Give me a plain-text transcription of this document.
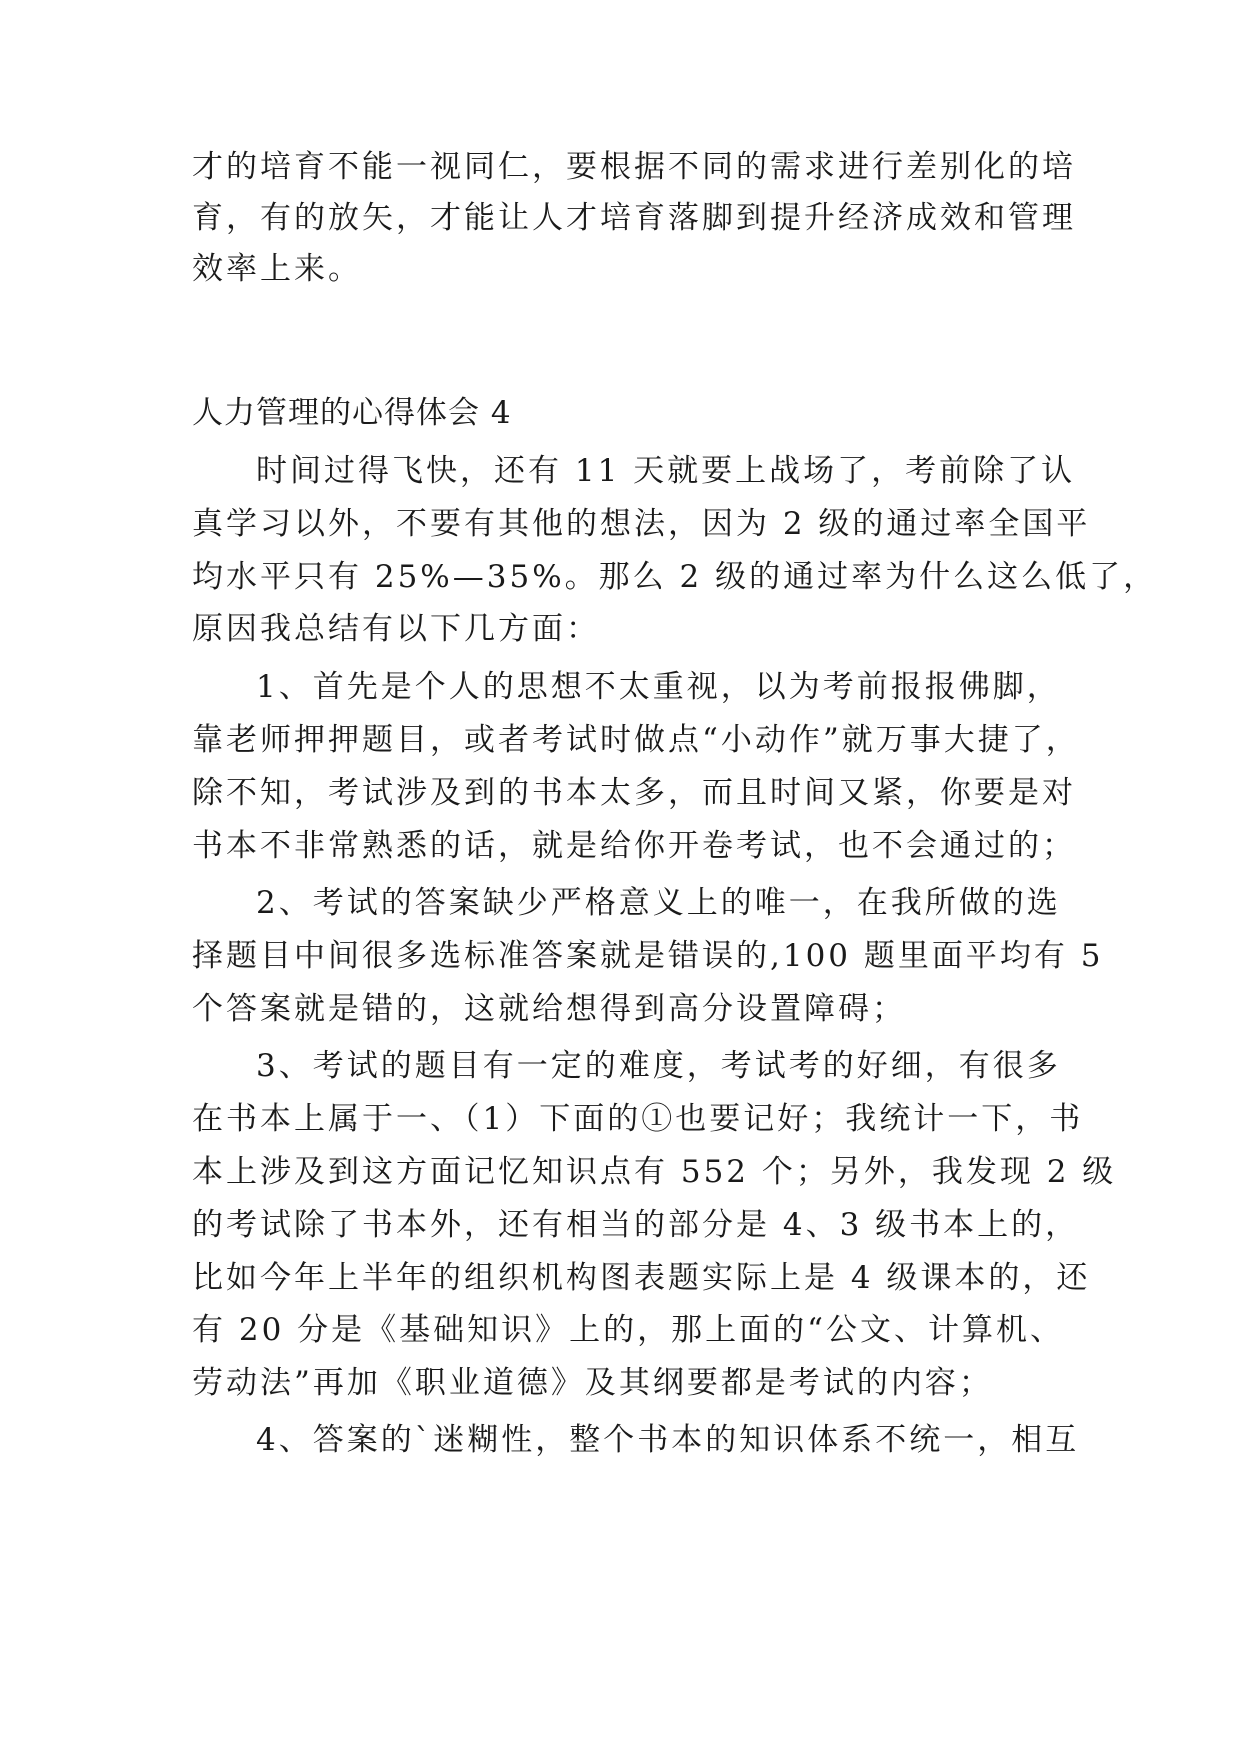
才的培育不能一视同仁，要根据不同的需求进行差别化的培
育，有的放矢，才能让人才培育落脚到提升经济成效和管理
效率上来。
人力管理的心得体会 4
时间过得飞快，还有 11 天就要上战场了，考前除了认
真学习以外，不要有其他的想法，因为 2 级的通过率全国平
均水平只有 25%—35%。那么 2 级的通过率为什么这么低了，
原因我总结有以下几方面：
1、首先是个人的思想不太重视，以为考前报报佛脚，
靠老师押押题目，或者考试时做点“小动作”就万事大捷了，
除不知，考试涉及到的书本太多，而且时间又紧，你要是对
书本不非常熟悉的话，就是给你开卷考试，也不会通过的；
2、考试的答案缺少严格意义上的唯一，在我所做的选
择题目中间很多选标准答案就是错误的,100 题里面平均有 5
个答案就是错的，这就给想得到高分设置障碍；
3、考试的题目有一定的难度，考试考的好细，有很多
在书本上属于一、（1）下面的①也要记好；我统计一下，书
本上涉及到这方面记忆知识点有 552 个；另外，我发现 2 级
的考试除了书本外，还有相当的部分是 4、3 级书本上的，
比如今年上半年的组织机构图表题实际上是 4 级课本的，还
有 20 分是《基础知识》上的，那上面的“公文、计算机、
劳动法”再加《职业道德》及其纲要都是考试的内容；
4、答案的`迷糊性，整个书本的知识体系不统一，相互
